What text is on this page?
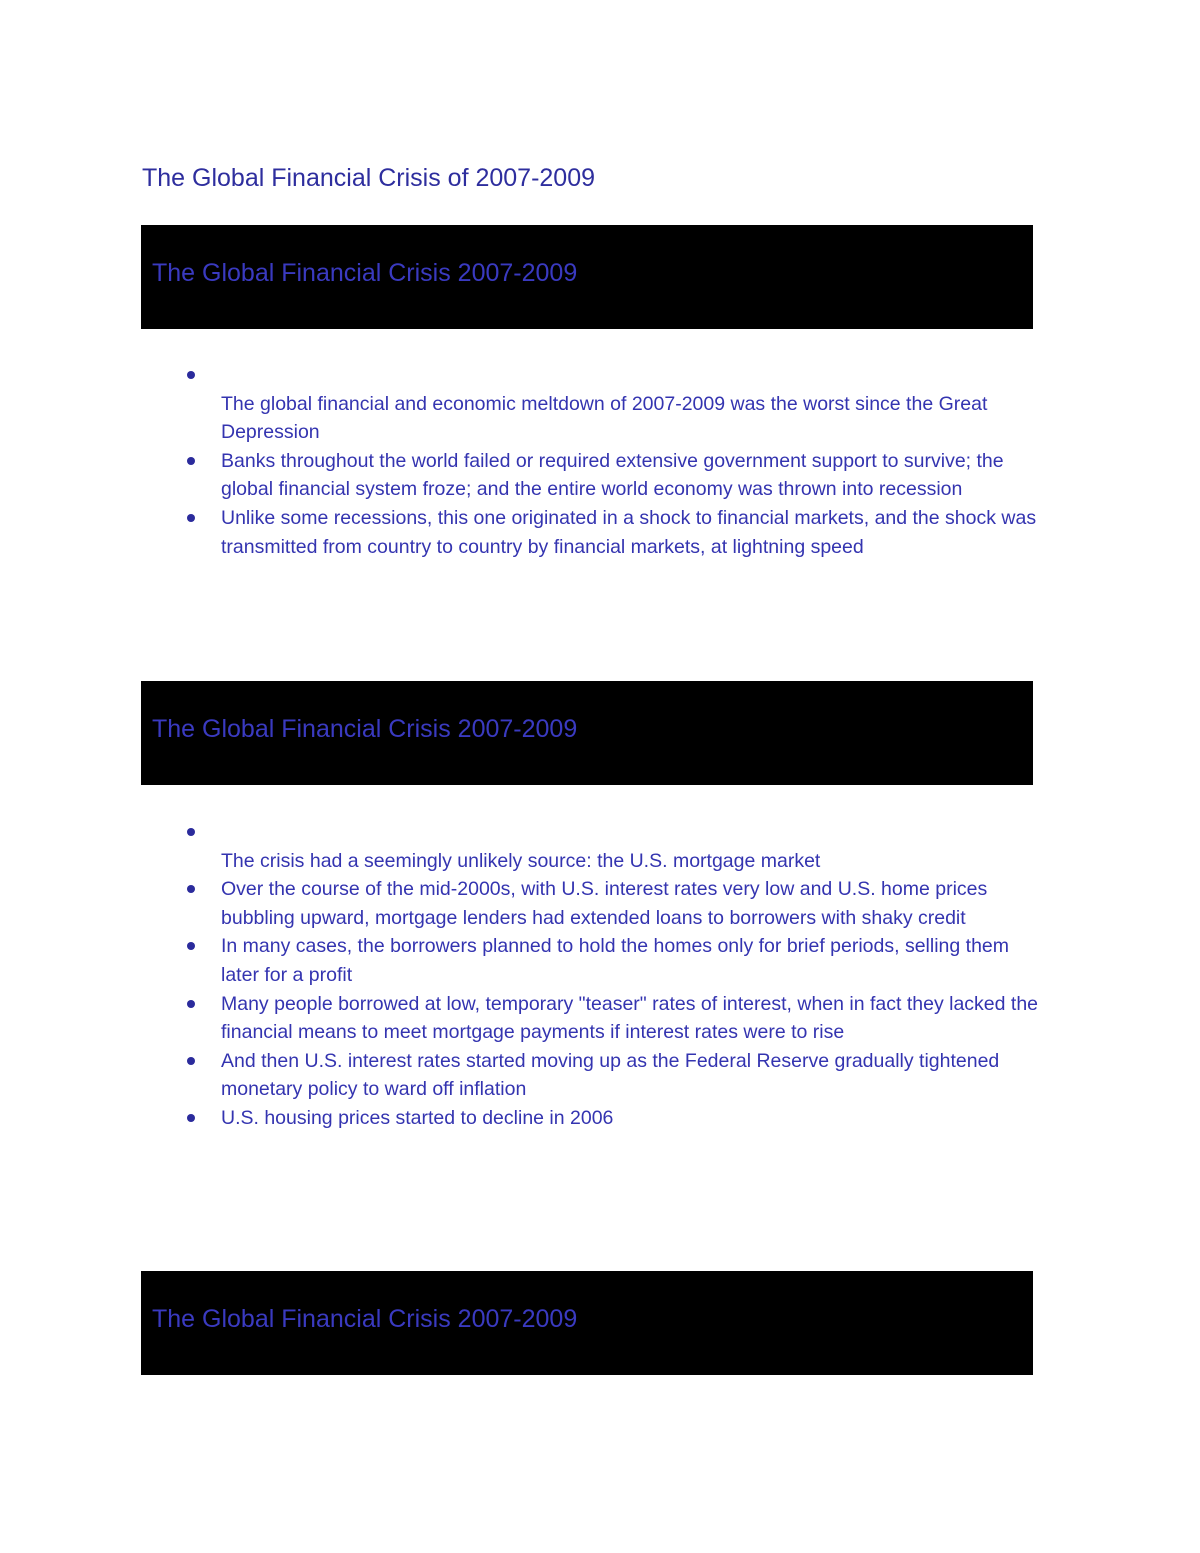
The Global Financial Crisis of 2007-2009
The Global Financial Crisis 2007-2009
The global financial and economic meltdown of 2007-2009 was the worst since the Great Depression
Banks throughout the world failed or required extensive government support to survive; the global financial system froze; and the entire world economy was thrown into recession
Unlike some recessions, this one originated in a shock to financial markets, and the shock was transmitted from country to country by financial markets, at lightning speed
The Global Financial Crisis 2007-2009
The crisis had a seemingly unlikely source: the U.S. mortgage market
Over the course of the mid-2000s, with U.S. interest rates very low and U.S. home prices bubbling upward, mortgage lenders had extended loans to borrowers with shaky credit
In many cases, the borrowers planned to hold the homes only for brief periods, selling them later for a profit
Many people borrowed at low, temporary "teaser" rates of interest, when in fact they lacked the financial means to meet mortgage payments if interest rates were to rise
And then U.S. interest rates started moving up as the Federal Reserve gradually tightened monetary policy to ward off inflation
U.S. housing prices started to decline in 2006
The Global Financial Crisis 2007-2009
